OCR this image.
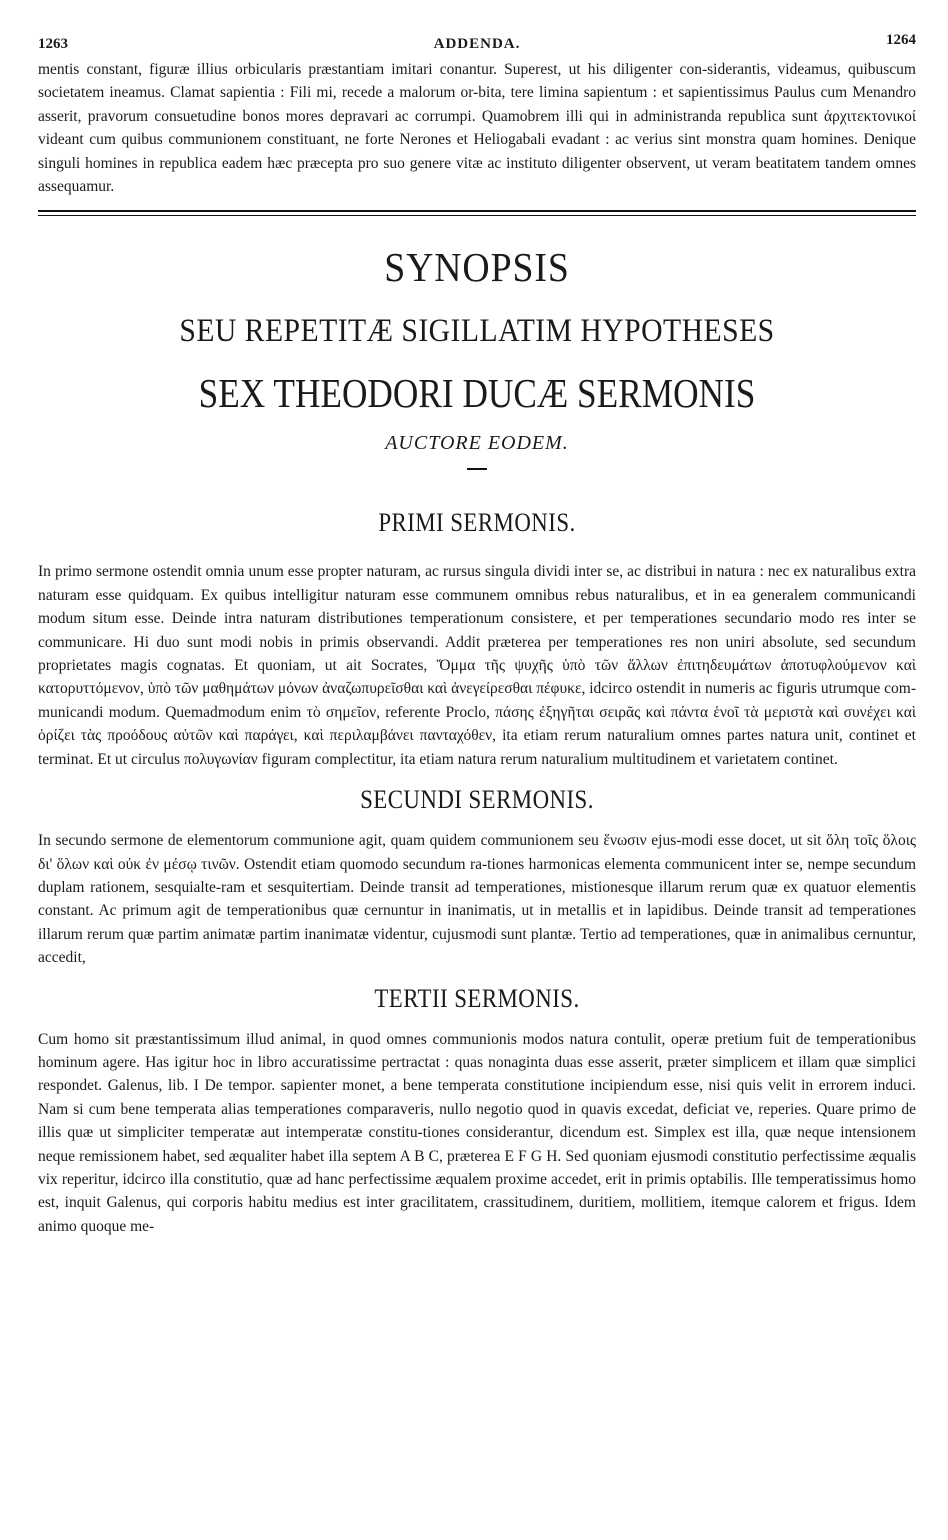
1263	ADDENDA.	1264

mentis constant, figuræ illius orbicularis præstantiam imitari conantur. Superest, ut his diligenter con-siderantis, videamus, quibuscum societatem ineamus. Clamat sapientia : Fili mi, recede a malorum or-bita, tere limina sapientum : et sapientissimus Paulus cum Menandro asserit, pravorum consuetudine bonos mores depravari ac corrumpi. Quamobrem illi qui in administranda republica sunt ἀρχιτεκτονικοί videant cum quibus communionem constituant, ne forte Nerones et Heliogabali evadant : ac verius sint monstra quam homines. Denique singuli homines in republica eadem hæc præcepta pro suo genere vitæ ac instituto diligenter observent, ut veram beatitatem tandem omnes assequamur.

SYNOPSIS
SEU REPETITÆ SIGILLATIM HYPOTHESES
SEX THEODORI DUCÆ SERMONIS
AUCTORE EODEM.
PRIMI SERMONIS.

In primo sermone ostendit omnia unum esse propter naturam, ac rursus singula dividi inter se, ac distribui in natura : nec ex naturalibus extra naturam esse quidquam. Ex quibus intelligitur naturam esse communem omnibus rebus naturalibus, et in ea generalem communicandi modum situm esse. Deinde intra naturam distributiones temperationum consistere, et per temperationes secundario modo res inter se communicare. Hi duo sunt modi nobis in primis observandi. Addit præterea per temperationes res non uniri absolute, sed secundum proprietates magis cognatas. Et quoniam, ut ait Socrates, Ὄμμα τῆς ψυχῆς ὑπὸ τῶν ἄλλων ἐπιτηδευμάτων ἀποτυφλούμενον καὶ κατορυττόμενον, ὑπὸ τῶν μαθημάτων μόνων ἀναζωπυρεῖσθαι καὶ ἀνεγείρεσθαι πέφυκε, idcirco ostendit in numeris ac figuris utrumque com-municandi modum. Quemadmodum enim τὸ σημεῖον, referente Proclo, πάσης ἐξηγῆται σειρᾶς καὶ πάντα ἑνοῖ τὰ μεριστὰ καὶ συνέχει καὶ ὁρίζει τὰς προόδους αὐτῶν καὶ παράγει, καὶ περιλαμβάνει πανταχόθεν, ita etiam rerum naturalium omnes partes natura unit, continet et terminat. Et ut circulus πολυγωνίαν figuram complectitur, ita etiam natura rerum naturalium multitudinem et varietatem continet.

SECUNDI SERMONIS.

In secundo sermone de elementorum communione agit, quam quidem communionem seu ἕνωσιν ejus-modi esse docet, ut sit ὅλη τοῖς ὅλοις δι' ὅλων καὶ οὐκ ἐν μέσῳ τινῶν. Ostendit etiam quomodo secundum ra-tiones harmonicas elementa communicent inter se, nempe secundum duplam rationem, sesquialte-ram et sesquitertiam. Deinde transit ad temperationes, mistionesque illarum rerum quæ ex quatuor elementis constant. Ac primum agit de temperationibus quæ cernuntur in inanimatis, ut in metallis et in lapidibus. Deinde transit ad temperationes illarum rerum quæ partim animatæ partim inanimatæ videntur, cujusmodi sunt plantæ. Tertio ad temperationes, quæ in animalibus cernuntur, accedit,

TERTII SERMONIS.

Cum homo sit præstantissimum illud animal, in quod omnes communionis modos natura contulit, operæ pretium fuit de temperationibus hominum agere. Has igitur hoc in libro accuratissime pertractat : quas nonaginta duas esse asserit, præter simplicem et illam quæ simplici respondet. Galenus, lib. I De tempor. sapienter monet, a bene temperata constitutione incipiendum esse, nisi quis velit in errorem induci. Nam si cum bene temperata alias temperationes comparaveris, nullo negotio quod in quavis excedat, deficiat ve, reperies. Quare primo de illis quæ ut simpliciter temperatæ aut intemperatæ constitu-tiones considerantur, dicendum est. Simplex est illa, quæ neque intensionem neque remissionem habet, sed æqualiter habet illa septem A B C, præterea E F G H. Sed quoniam ejusmodi constitutio perfectissime æqualis vix reperitur, idcirco illa constitutio, quæ ad hanc perfectissime æqualem proxime accedet, erit in primis optabilis. Ille temperatissimus homo est, inquit Galenus, qui corporis habitu medius est inter gracilitatem, crassitudinem, duritiem, mollitiem, itemque calorem et frigus. Idem animo quoque me-
